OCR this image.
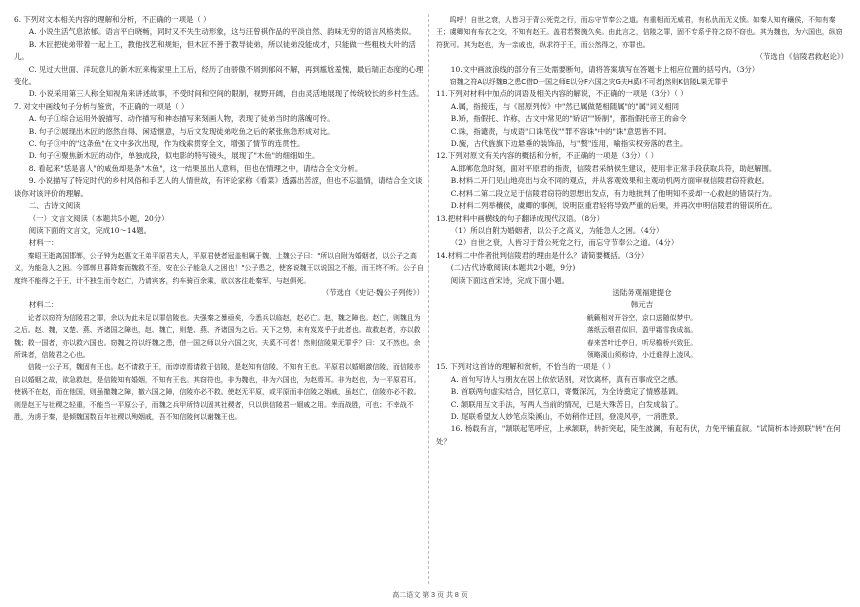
6. 下列对文本相关内容的理解和分析，不正确的一项是（ ）

A. 小说生活气息浓郁。语言平白晓畅，同时又不失生动形象，这与汪曾祺作品的平淡自然、韵味无穷的语言风格类似。

B. 木匠把徒弟带着一起上工，教他找艺和规矩，但木匠不善于教导徒弟，所以徒弟没能成才，只能做一些粗枝大叶的活儿。

C. 见过大世面、洋玩意儿的新木匠来梅家里上工后，经历了由骄傲不屑到郁闷不解，再到尴尬羞愧，最后瑞正态度的心理变化。

D. 小说采用第三人称全知视角来讲述故事，不受时间和空间的限制，视野开阔，自由灵活地展现了传统较长的乡村生活。

7. 对文中画线句子分析与鉴赏，不正确的一项是（ ）

A. 句子①综合运用外貌描写、动作描写和神态描写来刻画人物，表现了徒弟当时的落魄可怜。

B. 句子②展现出木匠的悠然自得、闲适惬意，与后文发现徒弟吃鱼之后的紧张焦急形成对比。

C. 句子③中的"这条鱼"在文中多次出现，作为线索贯穿全文，增强了情节的连贯性。

D. 句子④聚焦新木匠的动作，单独成段，似电影的特写镜头，展现了"木鱼"的细细如生。

8. 看起来"恁是喜人"的咸鱼却是条"木鱼"，这一结果虽出人意料，但也在情理之中，请结合全文分析。

9. 小说描写了特定时代的乡村风俗和手艺人的人情世故，有评论家称《看菜》透露出苦涩，但也不忘温情，请结合全文谈谈你对该评价的理解。

二、古诗文阅读

（一）文言文阅读（本题共5小题，20分）

阅读下面的文言文，完成10～14题。

材料一：

秦昭王逝离国邯郸，公子钟为赵惠文王弟平原君夫人，平原君使者冠盖相属于魏，上魏公子曰："所以自附为婚姻者，以公子之高义，为能急人之困。今邯郸旦暮降秦而魏救不至，安在公子能急人之困也！"公子患之，使客说魏王以说国之不能，而王终不听。公子自度终不能得之于王，计不独生而令赵亡，乃请宾客，约车骑百余乘，欲以客往赴秦军，与赵俱死。

（节选自《史记·魏公子列传》）

材料二：

论者以窃符为信陵君之罪，余以为此未足以罪信陵也。夫强秦之暴亟矣，今悉兵以临赵，赵必亡。赵，魏之障也。赵亡，则魏且为之后。赵、魏，又楚、燕、齐诸国之障也，赵、魏亡，则楚、燕、齐诸国为之后。天下之势，未有岌岌乎于此者也。故救赵者，亦以救魏；救一国者，亦以救六国也。窃魏之符以纾魏之患，借一国之师以分六国之灾，夫奚不可者！然则信陵果无罪乎？曰：又不然也。余所诛者，信陵君之心也。

信陵一公子耳，魏固有王也。赵不请救于王，而谆谆焉请救于信陵，是赵知有信陵，不知有王也。平原君以婚姻激信陵，而信陵亦自以婚姻之故，欲急救赵，是信陵知有婚姻，不知有王也。其窃符也，非为魏也，非为六国也，为赵焉耳。非为赵也，为一平原君耳。使祸不在赵，而在他国，则虽撤魏之障，撤六国之障，信陵亦必不救。使赵无平原，或平原而非信陵之姻戚，虽赵亡，信陵亦必不救。则是赵王与社稷之轻重，不能当一平原公子，而魏之兵甲所恃以固其社稷者，只以供信陵君一姻戚之用。幸而战胜，可也；不幸战不胜，为虏于秦，是倾魏国数百年社稷以殉姻戚，吾不知信陵何以谢魏王也。

呜呼！自世之衰，人皆习于背公死党之行，而忘守节奉公之道。有重相而无威君，有私仇而无义愤。如秦人知有穰侯，不知有秦王；虞卿知有布衣之交，不知有赵王。盖君若赘旒久矣。由此言之，信陵之罪，固不专系乎符之窃不窃也。其为魏也，为六国也，纵窃符犹可。其为赵也，为一亲戚也，纵求符于王，而公然得之，亦罪也。

（节选自《信陵君救赵论》）

10.文中画波浪线的部分有三处需要断句，请将答案填写在答题卡上相应位置的括号内。（3分）

窃魏之符A以纾魏B之患C借D一国之师E以分F六国之灾G夫H奚I不可者J然则K信陵L果无罪乎

11.下列对材料中加点的词语及相关内容的解说，不正确的一项是（3分）（ ）

A.属，指接连，与《屈原列传》中"然已属做楚相随属"的"属"词义相同

B.矫，指假托、诈称，古文中常见的"矫诏""矫制"，都指假托帝王的命令

C.诛，指谴责，与成语"口诛笔伐""罪不容诛"中的"诛"意思皆不同。

D.旒，古代旌旗下边悬垂的装饰品，与"赘"连用，喻指实权旁落的君主。

12.下列对原文有关内容的概括和分析，不正确的一项是（3分）（ ）

A.邯郸危急时刻，面对平原君的指责，信陵君采纳侯生建议，使用非正常手段获取兵符，助赵解围。

B.材料二开门见山地亮出与众不同的观点，并从客观效果和主观动机两方面审视信陵君窃符救赵。

C.材料二第二段立足于信陵君窃符的思想出发点，有力地批判了他明知不妥却一心救赵的错误行为。

D.材料二列举穰侯，虞卿的事例，说明臣重君轻将导致严重的后果，并再次申明信陵君的错误所在。

13.把材料中画横线的句子翻译成现代汉语。（8分）

（1）所以自附为婚姻者，以公子之高义，为能急人之困。（4分）

（2）自世之衰，人皆习于背公死党之行，而忘守节奉公之道。（4分）

14.材料二中作者批判信陵君的理由是什么？请简要概括。（3分）

(二)古代诗歌阅读(本题共2小题，9分)

阅读下面这首宋诗，完成下面小题。

送陆务观福建提仓

韩元吉

觥籁相对开谷空，京口送随似梦中。

落纸云烟君似旧，盈甲霜雪我成翁。

春来苦叶迁亭日，听尽檐桥兴致狂。

领略溪山须称诗，小迁谁得上凌风。

15. 下列对这首诗的理解和赏析，不恰当的一项是（ ）

A. 首句写诗人与朋友在居上依依话别，对饮离杯，真有百事成空之感。

B. 首联两句虚实结合，回忆京口，寄慨深沉，为全诗奠定了情感基调。

C. 颔联用互文手法，写两人当前的情况，已是大殊苦日，白发成翁了。

D. 尾联希望友人妙笔点染溪山，不妨稍作迁回，登凌风亭，一消胜景。

16. 杨载有言，"颔联起笔呼应，上承颔联，转折突起，陡生波澜，有起有伏，力免平铺直叙。"试简析本诗颈联"转"在何处？

高二语文 第 3 页 共 8 页
